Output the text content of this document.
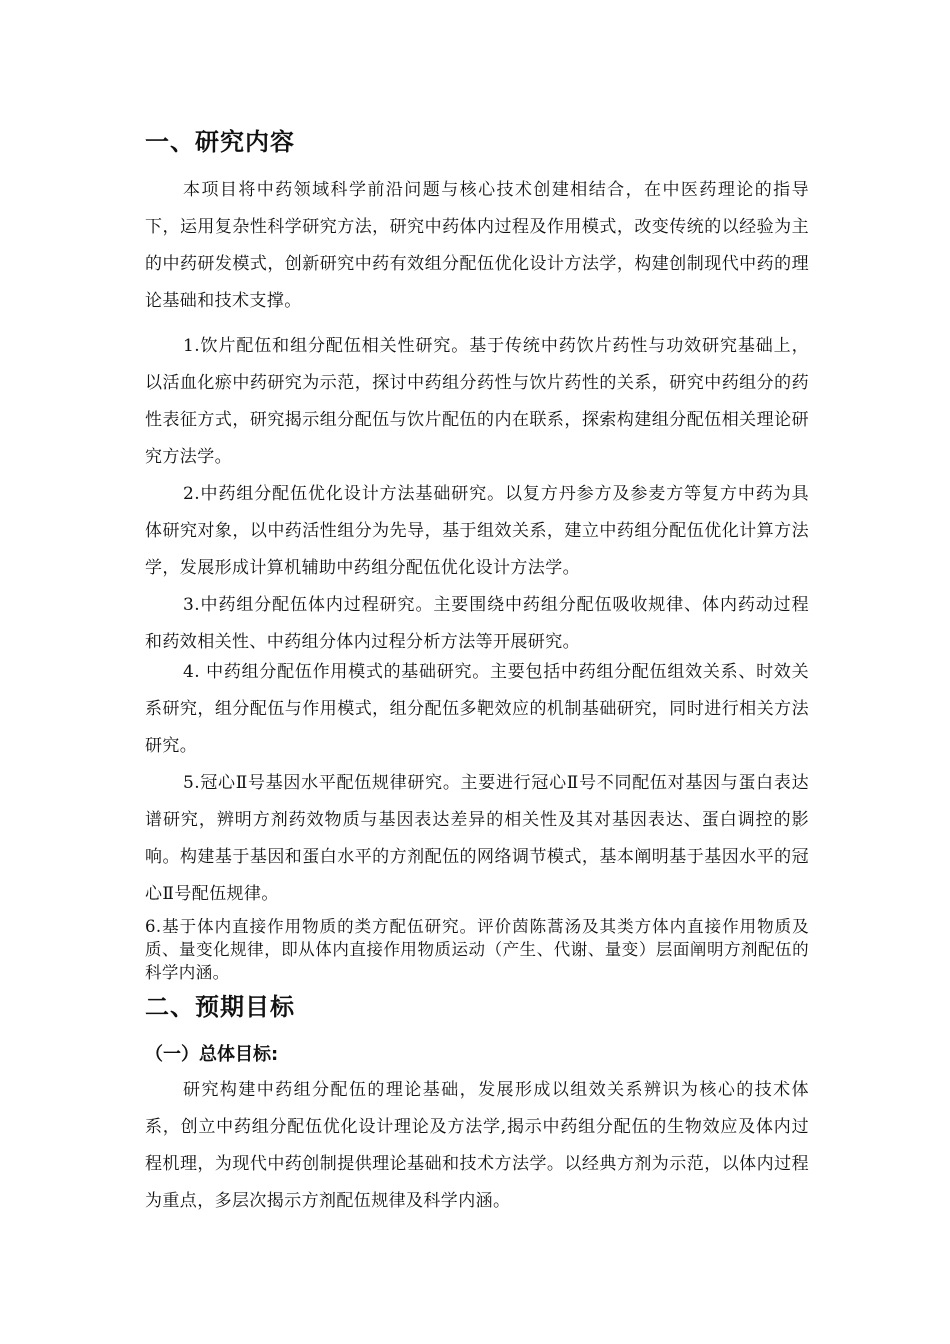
一、研究内容
本项目将中药领域科学前沿问题与核心技术创建相结合，在中医药理论的指导下，运用复杂性科学研究方法，研究中药体内过程及作用模式，改变传统的以经验为主的中药研发模式，创新研究中药有效组分配伍优化设计方法学，构建创制现代中药的理论基础和技术支撑。
1.饮片配伍和组分配伍相关性研究。基于传统中药饮片药性与功效研究基础上，以活血化瘀中药研究为示范，探讨中药组分药性与饮片药性的关系，研究中药组分的药性表征方式，研究揭示组分配伍与饮片配伍的内在联系，探索构建组分配伍相关理论研究方法学。
2.中药组分配伍优化设计方法基础研究。以复方丹参方及参麦方等复方中药为具体研究对象，以中药活性组分为先导，基于组效关系，建立中药组分配伍优化计算方法学，发展形成计算机辅助中药组分配伍优化设计方法学。
3.中药组分配伍体内过程研究。主要围绕中药组分配伍吸收规律、体内药动过程和药效相关性、中药组分体内过程分析方法等开展研究。
4. 中药组分配伍作用模式的基础研究。主要包括中药组分配伍组效关系、时效关系研究，组分配伍与作用模式，组分配伍多靶效应的机制基础研究，同时进行相关方法研究。
5.冠心Ⅱ号基因水平配伍规律研究。主要进行冠心Ⅱ号不同配伍对基因与蛋白表达谱研究，辨明方剂药效物质与基因表达差异的相关性及其对基因表达、蛋白调控的影响。构建基于基因和蛋白水平的方剂配伍的网络调节模式，基本阐明基于基因水平的冠心Ⅱ号配伍规律。
6.基于体内直接作用物质的类方配伍研究。评价茵陈蒿汤及其类方体内直接作用物质及质、量变化规律，即从体内直接作用物质运动（产生、代谢、量变）层面阐明方剂配伍的科学内涵。
二、预期目标
（一）总体目标:
研究构建中药组分配伍的理论基础，发展形成以组效关系辨识为核心的技术体系，创立中药组分配伍优化设计理论及方法学,揭示中药组分配伍的生物效应及体内过程机理，为现代中药创制提供理论基础和技术方法学。以经典方剂为示范，以体内过程为重点，多层次揭示方剂配伍规律及科学内涵。
